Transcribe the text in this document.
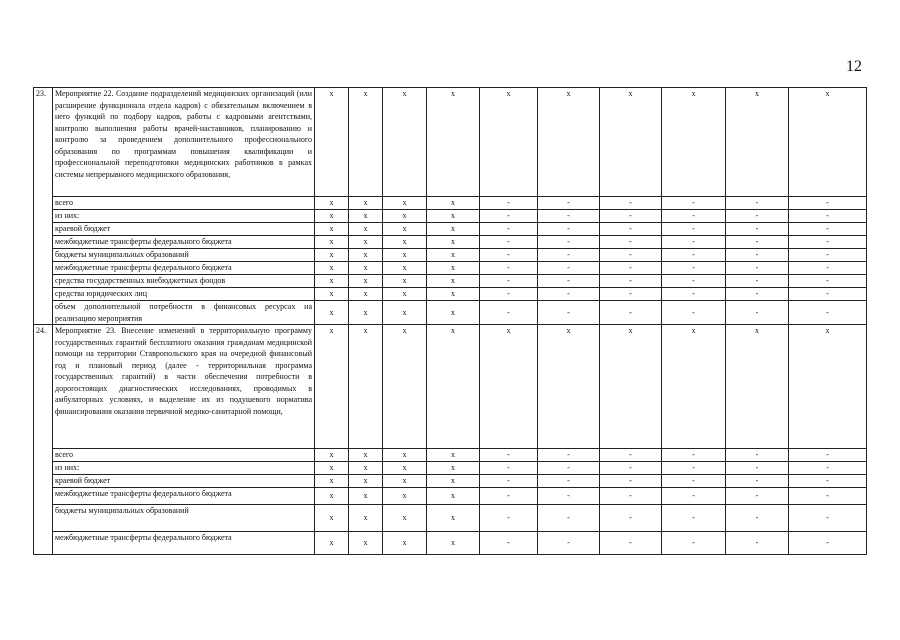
12
23.	Мероприятие 22. Создание подразделений медицинских организаций (или расширение функционала отдела кадров) с обязательным включением в него функций по подбору кадров, работы с кадровыми агентствами, контролю выполнения работы врачей-наставников, планированию и контролю за проведением дополнительного профессионального образования по программам повышения квалификации и профессиональной переподготовки медицинских работников в рамках системы непрерывного медицинского образования,	x	x	x	x	x	x	x	x	x	x
	всего	x	x	x	x	-	-	-	-	-	-
	из них:	x	x	x	x	-	-	-	-	-	-
	краевой бюджет	x	x	x	x	-	-	-	-	-	-
	межбюджетные трансферты федерального бюджета	x	x	x	x	-	-	-	-	-	-
	бюджеты муниципальных образований	x	x	x	x	-	-	-	-	-	-
	межбюджетные трансферты федерального бюджета	x	x	x	x	-	-	-	-	-	-
	средства государственных внебюджетных фондов	x	x	x	x	-	-	-	-	-	-
	средства юридических лиц	x	x	x	x	-	-	-	-	-	-
	объем дополнительной потребности в финансовых ресурсах на реализацию мероприятия	x	x	x	x	-	-	-	-	-	-
24.	Мероприятие 23. Внесение изменений в территориальную программу государственных гарантий бесплатного оказания гражданам медицинской помощи на территории Ставропольского края на очередной финансовый год и плановый период (далее - территориальная программа государственных гарантий) в части обеспечения потребности в дорогостоящих диагностических исследованиях, проводимых в амбулаторных условиях, и выделение их из подушевого норматива финансирования оказания первичной медико-санитарной помощи,	x	x	x	x	x	x	x	x	x	x
	всего	x	x	x	x	-	-	-	-	-	-
	из них:	x	x	x	x	-	-	-	-	-	-
	краевой бюджет	x	x	x	x	-	-	-	-	-	-
	межбюджетные трансферты федерального бюджета	x	x	x	x	-	-	-	-	-	-
	бюджеты муниципальных образований	x	x	x	x	-	-	-	-	-	-
	межбюджетные трансферты федерального бюджета	x	x	x	x	-	-	-	-	-	-
